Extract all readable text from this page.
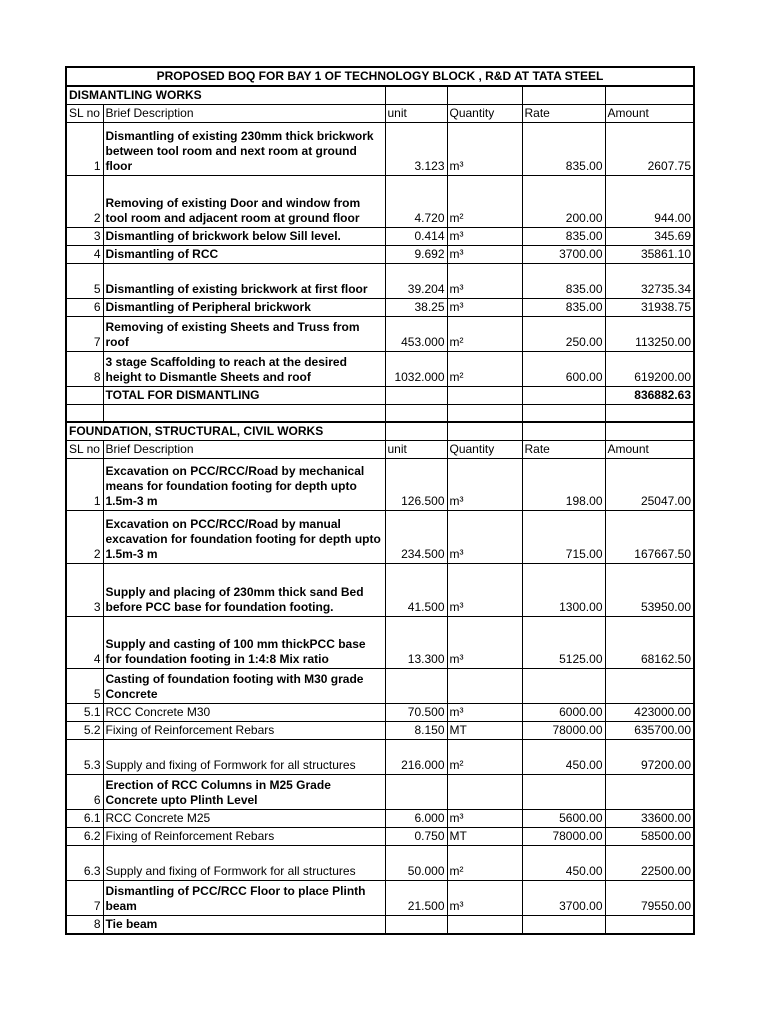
PROPOSED BOQ FOR BAY 1 OF TECHNOLOGY BLOCK , R&D AT TATA STEEL					
DISMANTLING WORKS					
SL no	Brief Description	unit	Quantity	Rate	Amount
1	Dismantling of existing 230mm thick brickwork between tool room and next room at ground floor	3.123	m³	835.00	2607.75
2	Removing of existing Door and window from tool room and adjacent room at ground floor	4.720	m²	200.00	944.00
3	Dismantling of brickwork below Sill level.	0.414	m³	835.00	345.69
4	Dismantling of RCC	9.692	m³	3700.00	35861.10
5	Dismantling of existing brickwork at first floor	39.204	m³	835.00	32735.34
6	Dismantling of Peripheral brickwork	38.25	m³	835.00	31938.75
7	Removing of existing Sheets and Truss from roof	453.000	m²	250.00	113250.00
8	3 stage Scaffolding to reach at the desired height to Dismantle Sheets and roof	1032.000	m²	600.00	619200.00
	TOTAL FOR DISMANTLING				836882.63

FOUNDATION, STRUCTURAL, CIVIL WORKS					
SL no	Brief Description	unit	Quantity	Rate	Amount
1	Excavation on PCC/RCC/Road by mechanical means for foundation footing for depth upto 1.5m-3 m	126.500	m³	198.00	25047.00
2	Excavation on PCC/RCC/Road by manual excavation for foundation footing for depth upto 1.5m-3 m	234.500	m³	715.00	167667.50
3	Supply and placing of 230mm thick sand Bed before PCC base for foundation footing.	41.500	m³	1300.00	53950.00
4	Supply and casting of 100 mm thickPCC base for foundation footing in 1:4:8 Mix ratio	13.300	m³	5125.00	68162.50
5	Casting of foundation footing with M30 grade Concrete				
5.1	RCC Concrete M30	70.500	m³	6000.00	423000.00
5.2	Fixing of Reinforcement Rebars	8.150	MT	78000.00	635700.00
5.3	Supply and fixing of Formwork for all structures	216.000	m²	450.00	97200.00
6	Erection of RCC Columns in M25 Grade Concrete upto Plinth Level				
6.1	RCC Concrete M25	6.000	m³	5600.00	33600.00
6.2	Fixing of Reinforcement Rebars	0.750	MT	78000.00	58500.00
6.3	Supply and fixing of Formwork for all structures	50.000	m²	450.00	22500.00
7	Dismantling of PCC/RCC Floor to place Plinth beam	21.500	m³	3700.00	79550.00
8	Tie beam				
